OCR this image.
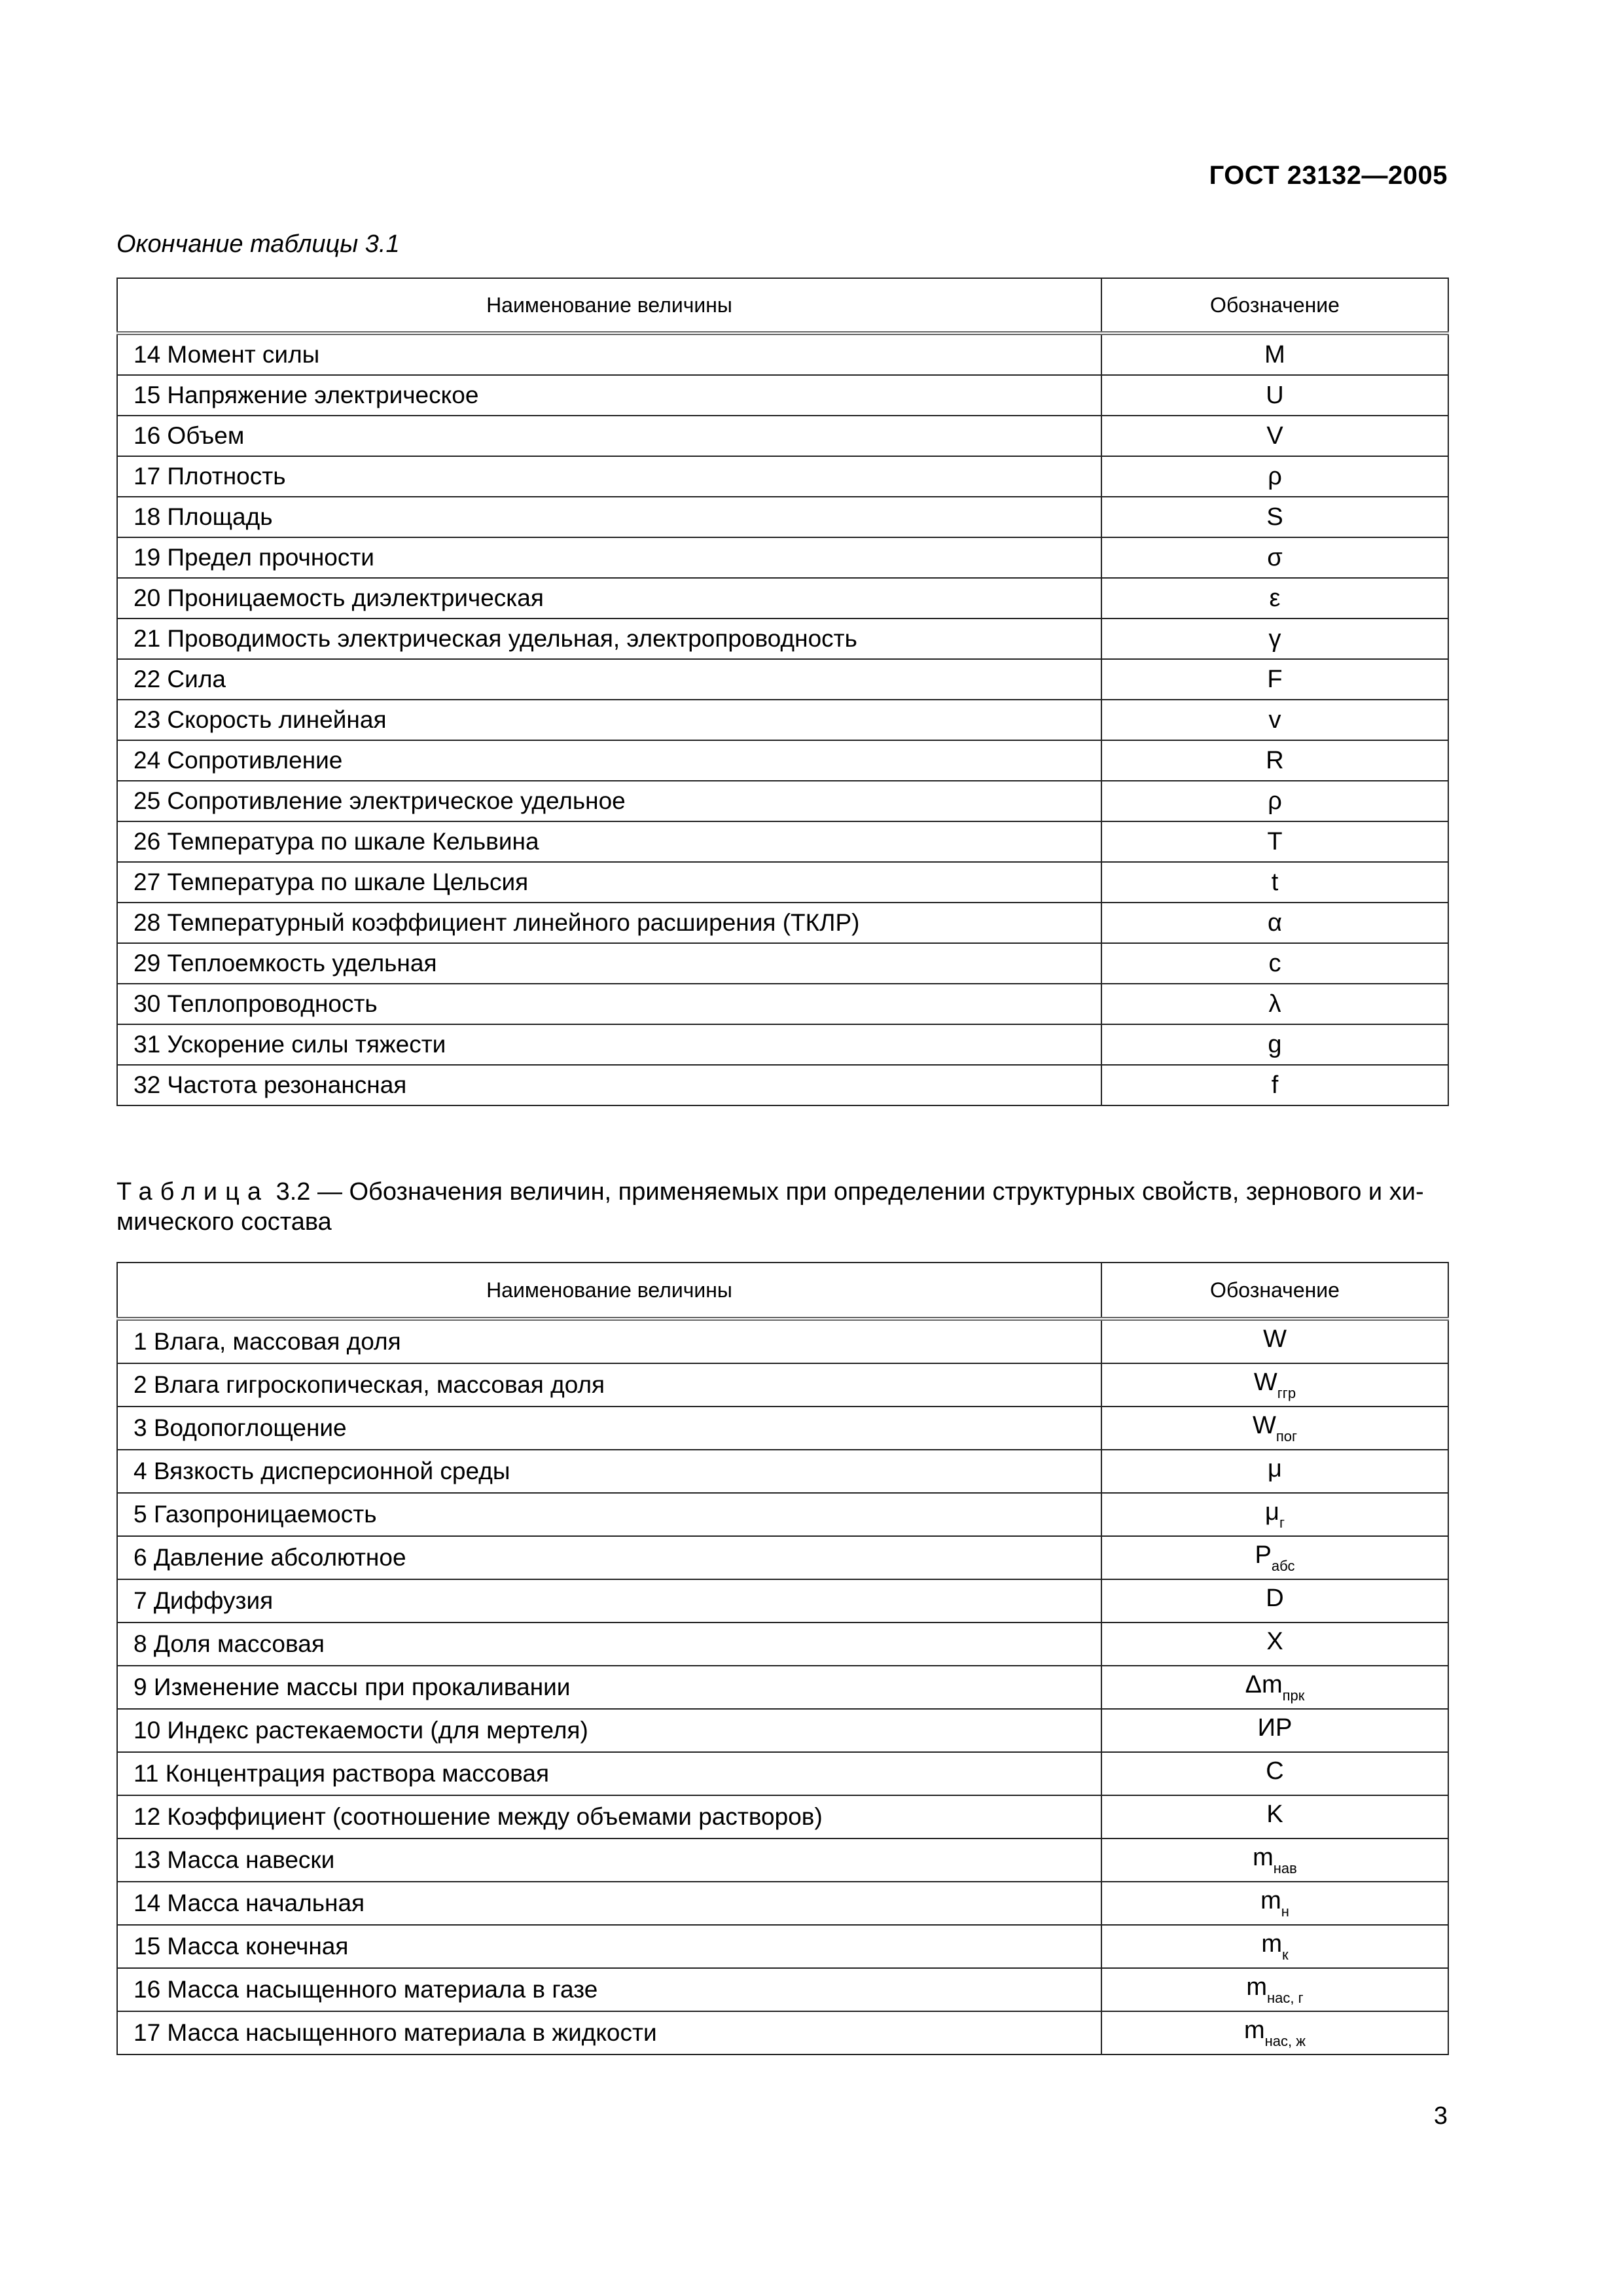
ГОСТ 23132—2005
Окончание таблицы 3.1
Наименование величины	Обозначение
14 Момент силы	M
15 Напряжение электрическое	U
16 Объем	V
17 Плотность	ρ
18 Площадь	S
19 Предел прочности	σ
20 Проницаемость диэлектрическая	ε
21 Проводимость электрическая удельная, электропроводность	γ
22 Сила	F
23 Скорость линейная	v
24 Сопротивление	R
25 Сопротивление электрическое удельное	ρ
26 Температура по шкале Кельвина	T
27 Температура по шкале Цельсия	t
28 Температурный коэффициент линейного расширения (ТКЛР)	α
29 Теплоемкость удельная	c
30 Теплопроводность	λ
31 Ускорение силы тяжести	g
32 Частота резонансная	f
Таблица 3.2 — Обозначения величин, применяемых при определении структурных свойств, зернового и хи-мического состава
Наименование величины	Обозначение
1 Влага, массовая доля	W
2 Влага гигроскопическая, массовая доля	$W_{ггр}$
3 Водопоглощение	$W_{пог}$
4 Вязкость дисперсионной среды	μ
5 Газопроницаемость	$\mu_г$
6 Давление абсолютное	$P_{абс}$
7 Диффузия	D
8 Доля массовая	X
9 Изменение массы при прокаливании	$\Delta m_{прк}$
10 Индекс растекаемости (для мертеля)	ИР
11 Концентрация раствора массовая	C
12 Коэффициент (соотношение между объемами растворов)	K
13 Масса навески	$m_{нав}$
14 Масса начальная	$m_н$
15 Масса конечная	$m_к$
16 Масса насыщенного материала в газе	$m_{нас, г}$
17 Масса насыщенного материала в жидкости	$m_{нас, ж}$
3
